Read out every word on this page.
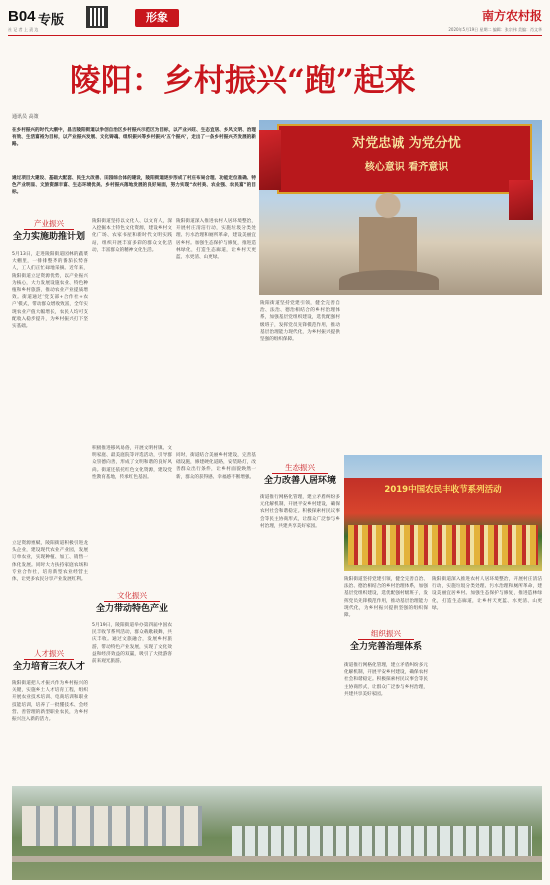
B04 专版
社 记 者 上 责 边
形象	南方农村报
2020年5月19日 星期二 编辑：张宗伟 美编：肖文华
陵阳：乡村振兴“跑”起来
通讯员 高策
在乡村振兴的时代大潮中，昌吉陵阳街道以争创自治区乡村振兴示范区为目标，以产业兴旺、生态宜居、乡风文明、治理有效、生活富裕为目标，以产业振兴发展、文化铸魂、组织振兴等乡村振兴‘五个振兴’，走出了一条乡村振兴齐发展的新路。
通过项目大建设、基础大配套、民生大改善、田园综合体的建设，陵阳街道逐步形成了村庄布局合理、功能定位准确、特色产业明显、文旅资源丰富、生态环境优美、乡村振兴落地发展的良好局面，努力实现“农村美、农业强、农民富”的目标。
产业振兴
全力实施助推计划
5月13日，走进陵阳街道园林的蔬菜大棚里，一排排整齐的番茄长势喜人，工人们正忙碌地采摘。近年来，陵阳街道立足资源优势，以产业振兴为核心，大力发展设施农业、特色种植和乡村旅游，推动农业产业提质增效。街道通过‘党支部+合作社+农户’模式，带动群众增收致富，全年实现农业产值大幅增长，农民人均可支配收入稳步提升，为乡村振兴打下坚实基础。
立足资源禀赋，陵阳街道积极引进龙头企业，建设现代农业产业园，发展订单农业，实现种植、加工、销售一体化发展。同时大力扶持家庭农场和专业合作社，培育新型农业经营主体，让更多农民分享产业发展红利。
人才振兴
全力培育三农人才
陵阳街道把人才振兴作为乡村振兴的关键，实施乡土人才培育工程，组织开展农业技术培训、电商培训和职业技能培训，培养了一批懂技术、会经营、善管理的新型职业农民，为乡村振兴注入新的活力。
陵阳街道坚持以文化人、以文育人，深入挖掘本土特色文化资源，建设乡村文化广场、农家书屋和新时代文明实践站，组织开展丰富多彩的群众文化活动，丰富群众的精神文化生活。
积极推进移风易俗，开展文明村镇、文明家庭、最美庭院等评选活动，引导群众崇德向善，形成了文明和谐的良好风尚。街道还依托红色文化资源，建设党性教育基地，传承红色基因。
文化振兴
全力带动特色产业
5月19日，陵阳街道举办第四届中国农民丰收节系列活动，群众载歌载舞，共庆丰收。通过文旅融合，发展乡村旅游，带动特色产业发展，实现了文化效益和经济效益的双赢，吸引了大批游客前来观光旅游。
陵阳街道深入推进农村人居环境整治，开展村庄清洁行动，实施垃圾分类处理、污水治理和厕所革命，建设美丽宜居乡村。加强生态保护与修复，推进造林绿化，打造生态廊道，让乡村天更蓝、水更清、山更绿。
同时，街道结合美丽乡村建设，完善基础设施，修建硬化道路，安装路灯，改善群众出行条件，让乡村面貌焕然一新，群众的获得感、幸福感不断增强。
陵阳街道坚持党建引领，健全完善自治、法治、德治相结合的乡村治理体系，加强基层党组织建设，选优配强村级班子，发挥党员先锋模范作用，推动基层治理能力现代化，为乡村振兴提供坚强的组织保障。
生态振兴
全力改善人居环境
街道推行网格化管理，建立矛盾纠纷多元化解机制，开展平安乡村建设，确保农村社会和谐稳定。积极探索村民议事会等民主协商形式，让群众广泛参与乡村治理，共建共享美好家园。
对党忠诚 为党分忧
核心意识 看齐意识
2019中国农民丰收节系列活动
组织振兴
全力完善治理体系
陵阳街道坚持党建引领，健全完善自治、法治、德治相结合的乡村治理体系，加强基层党组织建设，选优配强村级班子，发挥党员先锋模范作用，推动基层治理能力现代化，为乡村振兴提供坚强的组织保障。
街道推行网格化管理，建立矛盾纠纷多元化解机制，开展平安乡村建设，确保农村社会和谐稳定。积极探索村民议事会等民主协商形式，让群众广泛参与乡村治理，共建共享美好家园。
陵阳街道深入推进农村人居环境整治，开展村庄清洁行动，实施垃圾分类处理、污水治理和厕所革命，建设美丽宜居乡村。加强生态保护与修复，推进造林绿化，打造生态廊道，让乡村天更蓝、水更清、山更绿。
